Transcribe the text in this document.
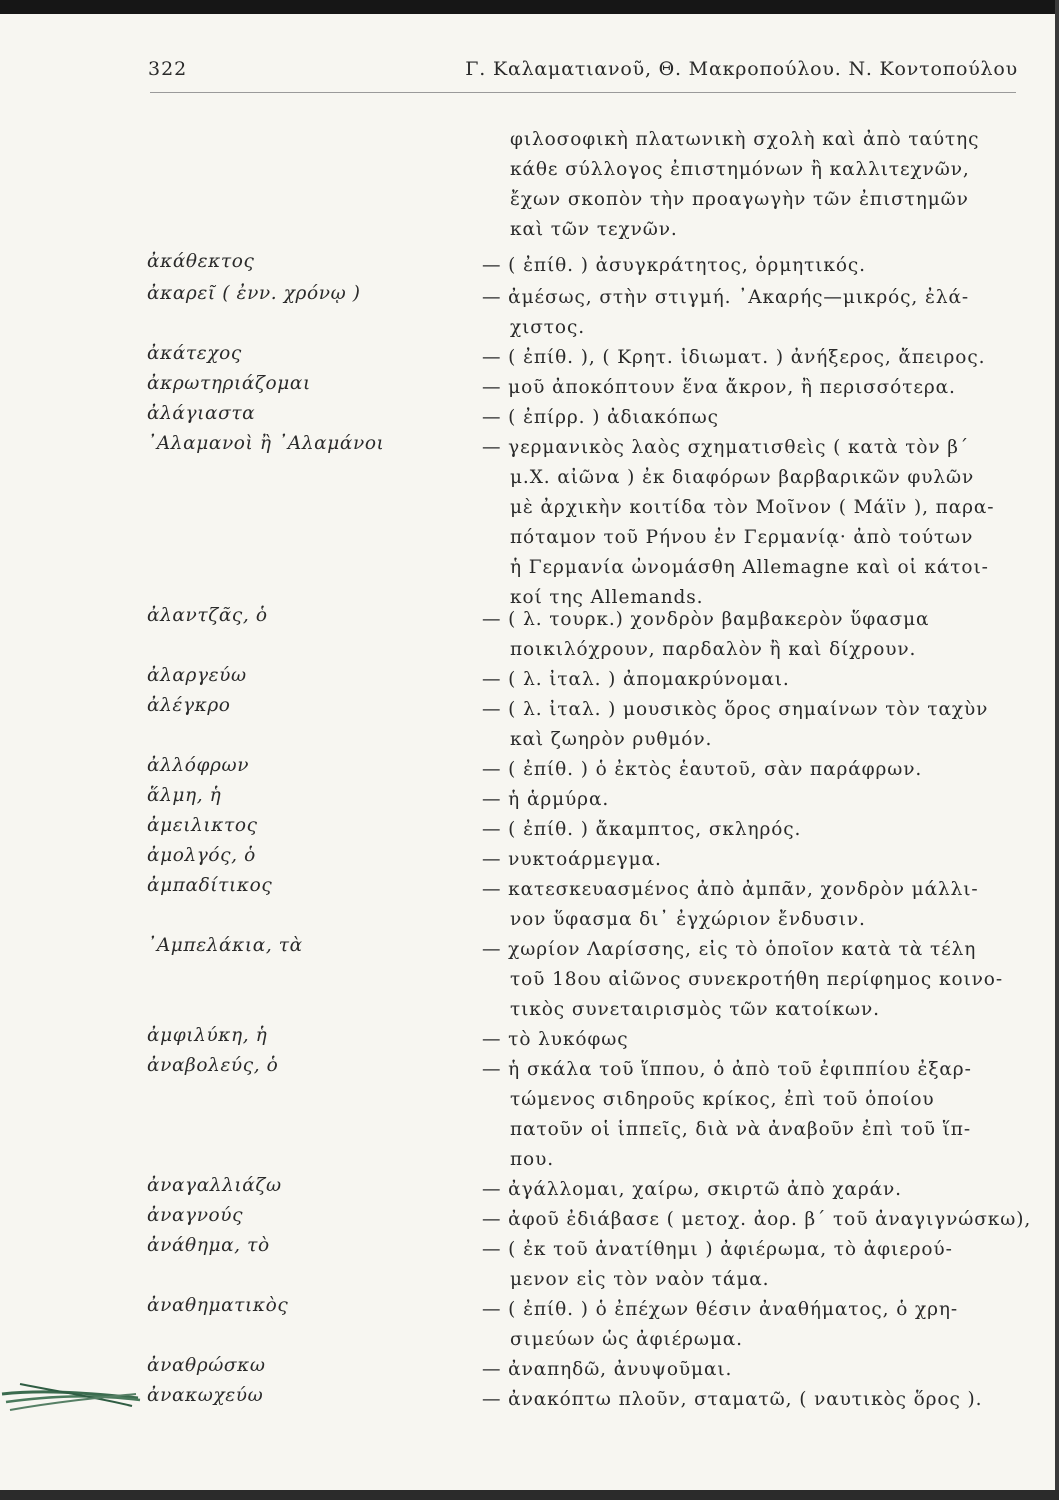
322	Γ. Καλαματιανοῦ, Θ. Μακροπούλου. Ν. Κοντοπούλου
φιλοσοφικὴ πλατωνικὴ σχολὴ καὶ ἀπὸ ταύτης
κάθε σύλλογος ἐπιστημόνων ἢ καλλιτεχνῶν,
ἔχων σκοπὸν τὴν προαγωγὴν τῶν ἐπιστημῶν
καὶ τῶν τεχνῶν.
ἀκάθεκτος	— ( ἐπίθ. ) ἀσυγκράτητος, ὁρμητικός.
ἀκαρεῖ ( ἐνν. χρόνῳ )	— ἀμέσως, στὴν στιγμή. ᾿Ακαρής—μικρός, ἐλά-
χιστος.
ἀκάτεχος	— ( ἐπίθ. ), ( Κρητ. ἰδιωματ. ) ἀνήξερος, ἄπειρος.
ἀκρωτηριάζομαι	— μοῦ ἀποκόπτουν ἕνα ἄκρον, ἢ περισσότερα.
ἀλάγιαστα	— ( ἐπίρρ. ) ἀδιακόπως
᾿Αλαμανοὶ ἢ ᾿Αλαμάνοι	— γερμανικὸς λαὸς σχηματισθεὶς ( κατὰ τὸν β΄
μ.Χ. αἰῶνα ) ἐκ διαφόρων βαρβαρικῶν φυλῶν
μὲ ἀρχικὴν κοιτίδα τὸν Μοῖνον ( Μάϊν ), παρα-
πόταμον τοῦ Ρήνου ἐν Γερμανίᾳ· ἀπὸ τούτων
ἡ Γερμανία ὠνομάσθη Allemagne καὶ οἱ κάτοι-
κοί της Allemands.
ἀλαντζᾶς, ὁ	— ( λ. τουρκ.) χονδρὸν βαμβακερὸν ὕφασμα
ποικιλόχρουν, παρδαλὸν ἢ καὶ δίχρουν.
ἀλαργεύω	— ( λ. ἰταλ. ) ἀπομακρύνομαι.
ἀλέγκρο	— ( λ. ἰταλ. ) μουσικὸς ὅρος σημαίνων τὸν ταχὺν
καὶ ζωηρὸν ρυθμόν.
ἀλλόφρων	— ( ἐπίθ. ) ὁ ἐκτὸς ἑαυτοῦ, σὰν παράφρων.
ἅλμη, ἡ	— ἡ ἁρμύρα.
ἀμειλικτος	— ( ἐπίθ. ) ἄκαμπτος, σκληρός.
ἀμολγός, ὁ	— νυκτοάρμεγμα.
ἀμπαδίτικος	— κατεσκευασμένος ἀπὸ ἀμπᾶν, χονδρὸν μάλλι-
νον ὕφασμα δι᾿ ἐγχώριον ἔνδυσιν.
᾿Αμπελάκια, τὰ	— χωρίον Λαρίσσης, εἰς τὸ ὁποῖον κατὰ τὰ τέλη
τοῦ 18ου αἰῶνος συνεκροτήθη περίφημος κοινο-
τικὸς συνεταιρισμὸς τῶν κατοίκων.
ἀμφιλύκη, ἡ	— τὸ λυκόφως
ἀναβολεύς, ὁ	— ἡ σκάλα τοῦ ἵππου, ὁ ἀπὸ τοῦ ἐφιππίου ἐξαρ-
τώμενος σιδηροῦς κρίκος, ἐπὶ τοῦ ὁποίου
πατοῦν οἱ ἱππεῖς, διὰ νὰ ἀναβοῦν ἐπὶ τοῦ ἵπ-
που.
ἀναγαλλιάζω	— ἀγάλλομαι, χαίρω, σκιρτῶ ἀπὸ χαράν.
ἀναγνούς	— ἀφοῦ ἐδιάβασε ( μετοχ. ἀορ. β΄ τοῦ ἀναγιγνώσκω),
ἀνάθημα, τὸ	— ( ἐκ τοῦ ἀνατίθημι ) ἀφιέρωμα, τὸ ἀφιερού-
μενον εἰς τὸν ναὸν τάμα.
ἀναθηματικὸς	— ( ἐπίθ. ) ὁ ἐπέχων θέσιν ἀναθήματος, ὁ χρη-
σιμεύων ὡς ἀφιέρωμα.
ἀναθρώσκω	— ἀναπηδῶ, ἀνυψοῦμαι.
ἀνακωχεύω	— ἀνακόπτω πλοῦν, σταματῶ, ( ναυτικὸς ὅρος ).
